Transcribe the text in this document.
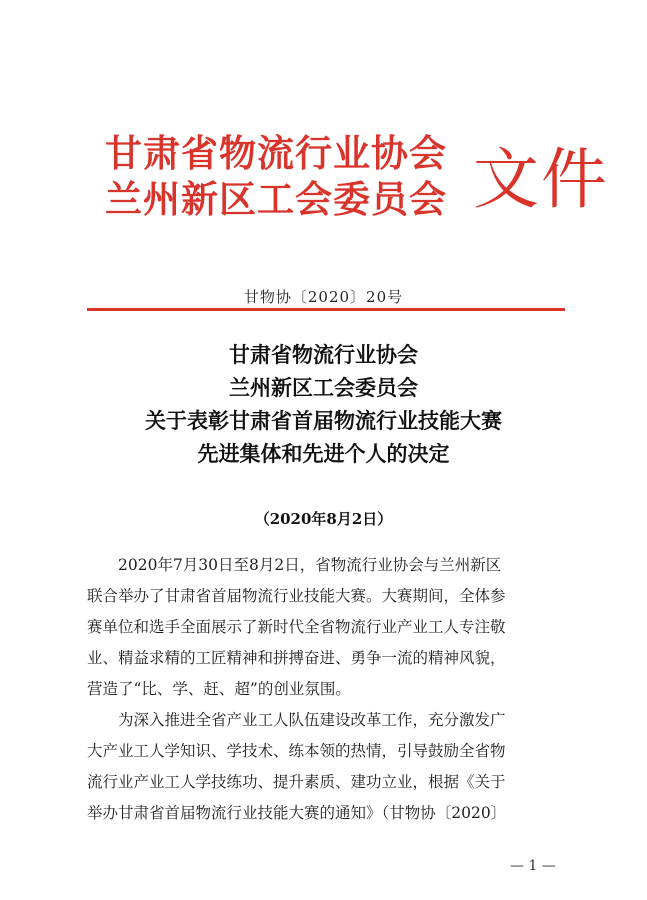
甘肃省物流行业协会
兰州新区工会委员会 文件
甘物协〔2020〕20号
甘肃省物流行业协会
兰州新区工会委员会
关于表彰甘肃省首届物流行业技能大赛
先进集体和先进个人的决定
（2020年8月2日）

2020年7月30日至8月2日，省物流行业协会与兰州新区
联合举办了甘肃省首届物流行业技能大赛。大赛期间，全体参
赛单位和选手全面展示了新时代全省物流行业产业工人专注敬
业、精益求精的工匠精神和拼搏奋进、勇争一流的精神风貌，
营造了“比、学、赶、超”的创业氛围。

为深入推进全省产业工人队伍建设改革工作，充分激发广
大产业工人学知识、学技术、练本领的热情，引导鼓励全省物
流行业产业工人学技练功、提升素质、建功立业，根据《关于
举办甘肃省首届物流行业技能大赛的通知》（甘物协〔2020〕

— 1 —
